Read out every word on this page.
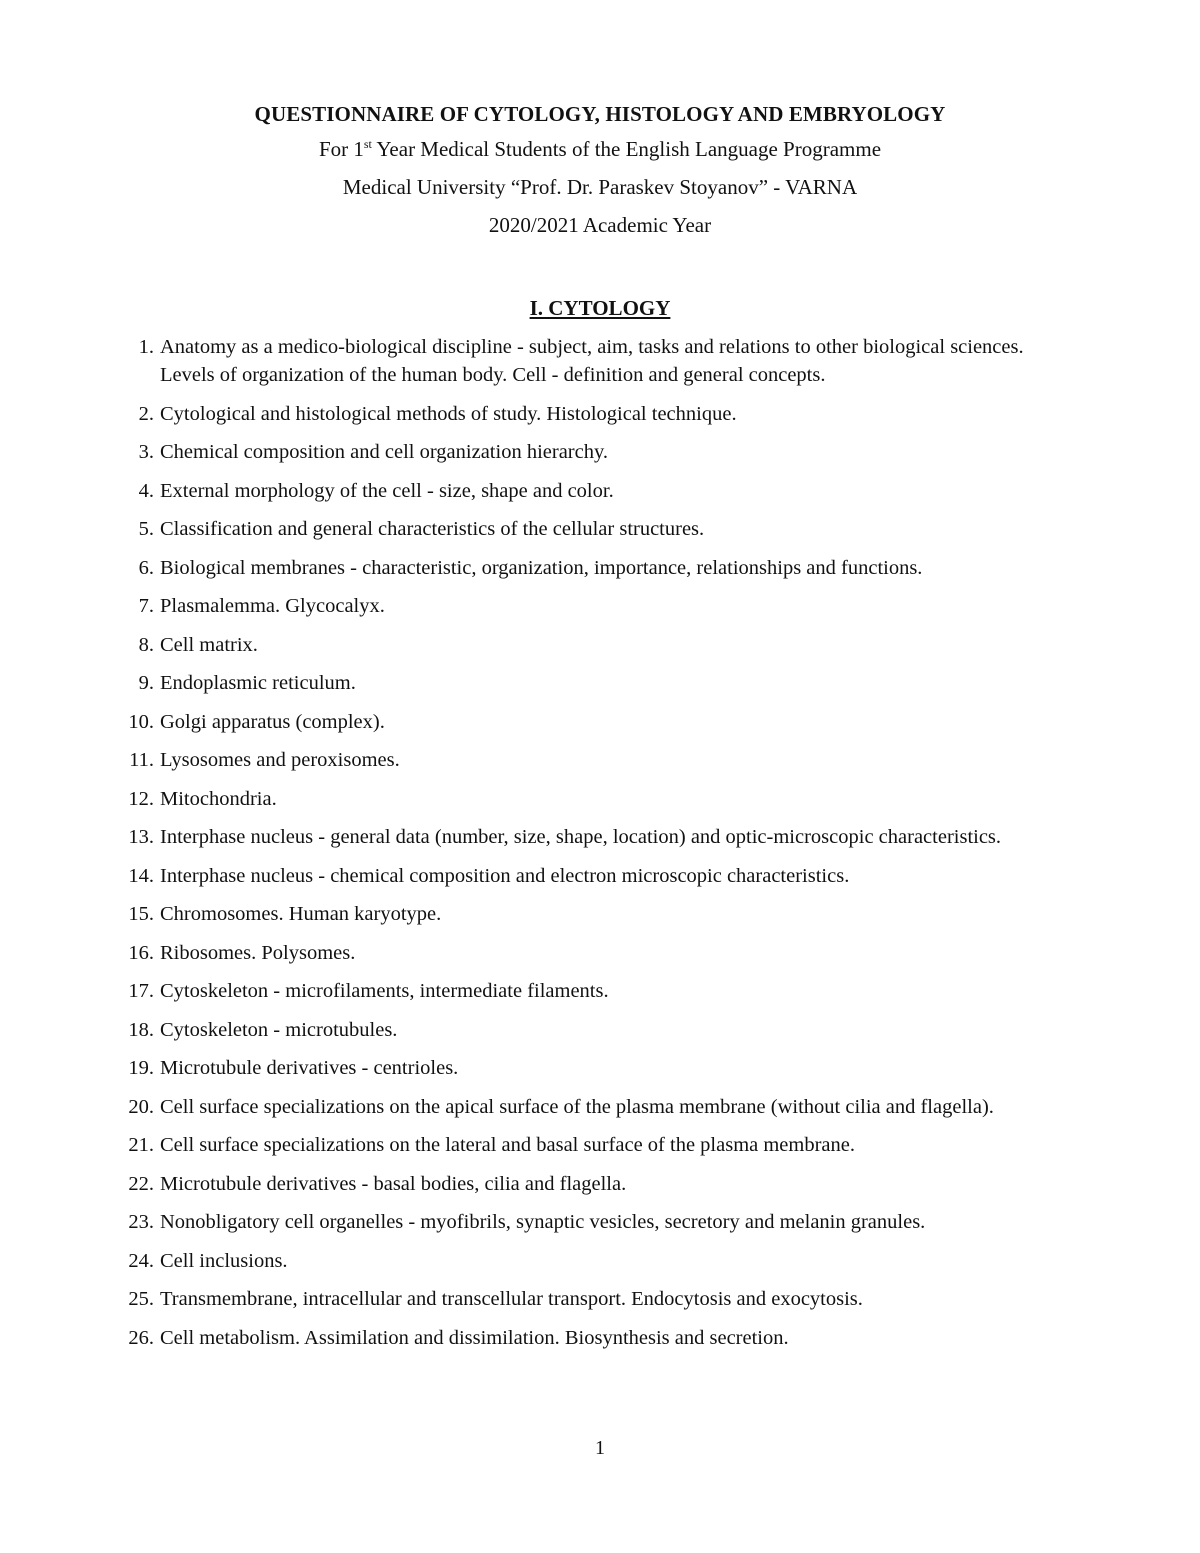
QUESTIONNAIRE OF CYTOLOGY, HISTOLOGY AND EMBRYOLOGY

For 1st Year Medical Students of the English Language Programme

Medical University “Prof. Dr. Paraskev Stoyanov” - VARNA

2020/2021 Academic Year

I. CYTOLOGY

1. Anatomy as a medico-biological discipline - subject, aim, tasks and relations to other biological sciences. Levels of organization of the human body. Cell - definition and general concepts.
2. Cytological and histological methods of study. Histological technique.
3. Chemical composition and cell organization hierarchy.
4. External morphology of the cell - size, shape and color.
5. Classification and general characteristics of the cellular structures.
6. Biological membranes - characteristic, organization, importance, relationships and functions.
7. Plasmalemma. Glycocalyx.
8. Cell matrix.
9. Endoplasmic reticulum.
10. Golgi apparatus (complex).
11. Lysosomes and peroxisomes.
12. Mitochondria.
13. Interphase nucleus - general data (number, size, shape, location) and optic-microscopic characteristics.
14. Interphase nucleus - chemical composition and electron microscopic characteristics.
15. Chromosomes. Human karyotype.
16. Ribosomes. Polysomes.
17. Cytoskeleton - microfilaments, intermediate filaments.
18. Cytoskeleton - microtubules.
19. Microtubule derivatives - centrioles.
20. Cell surface specializations on the apical surface of the plasma membrane (without cilia and flagella).
21. Cell surface specializations on the lateral and basal surface of the plasma membrane.
22. Microtubule derivatives - basal bodies, cilia and flagella.
23. Nonobligatory cell organelles - myofibrils, synaptic vesicles, secretory and melanin granules.
24. Cell inclusions.
25. Transmembrane, intracellular and transcellular transport. Endocytosis and exocytosis.
26. Cell metabolism. Assimilation and dissimilation. Biosynthesis and secretion.
1
